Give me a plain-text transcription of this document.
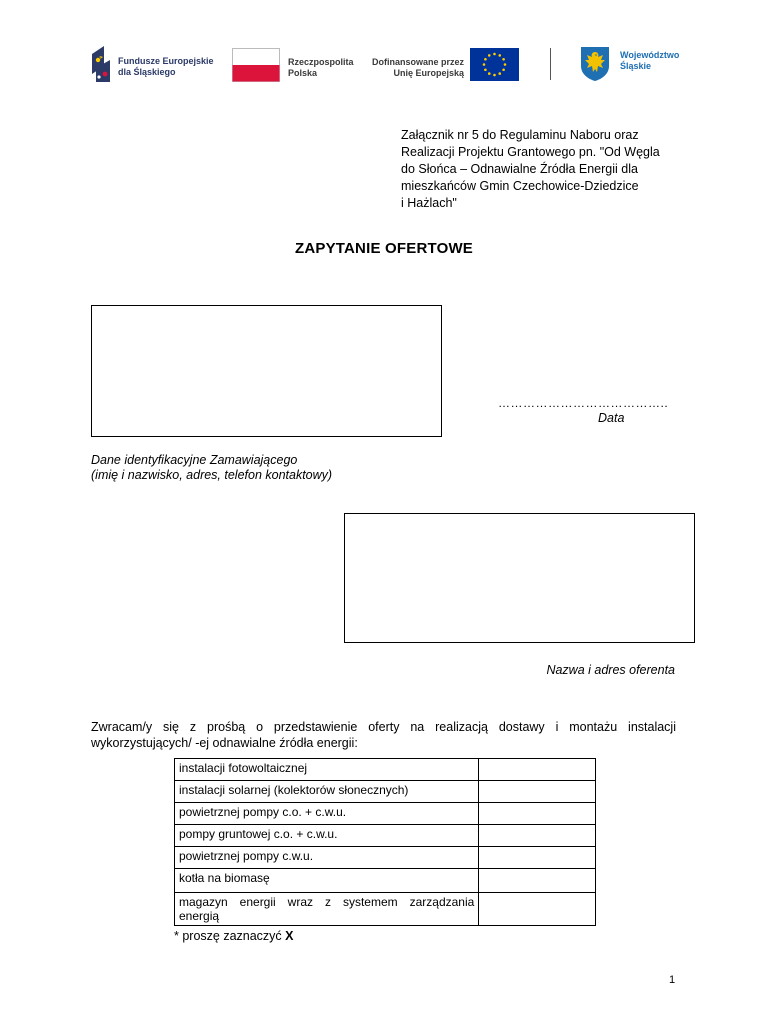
Fundusze Europejskie
dla Śląskiego
Rzeczpospolita
Polska
Dofinansowane przez
Unię Europejską
Województwo
Śląskie
Załącznik nr 5 do Regulaminu Naboru oraz
Realizacji Projektu Grantowego pn. "Od Węgla
do Słońca – Odnawialne Źródła Energii dla
mieszkańców Gmin Czechowice-Dziedzice
i Hażlach"
ZAPYTANIE OFERTOWE
…………………………………..
Data
Dane identyfikacyjne Zamawiającego
(imię i nazwisko, adres, telefon kontaktowy)
Nazwa i adres oferenta
Zwracam/y się z prośbą o przedstawienie oferty na realizacją dostawy i montażu instalacji wykorzystujących/ -ej odnawialne źródła energii:
instalacji fotowoltaicznej	
instalacji solarnej (kolektorów słonecznych)	
powietrznej pompy c.o. + c.w.u.	
pompy gruntowej c.o. + c.w.u.	
powietrznej pompy c.w.u.	
kotła na biomasę	
magazyn energii wraz z systemem zarządzania energią	
* proszę zaznaczyć X
1
